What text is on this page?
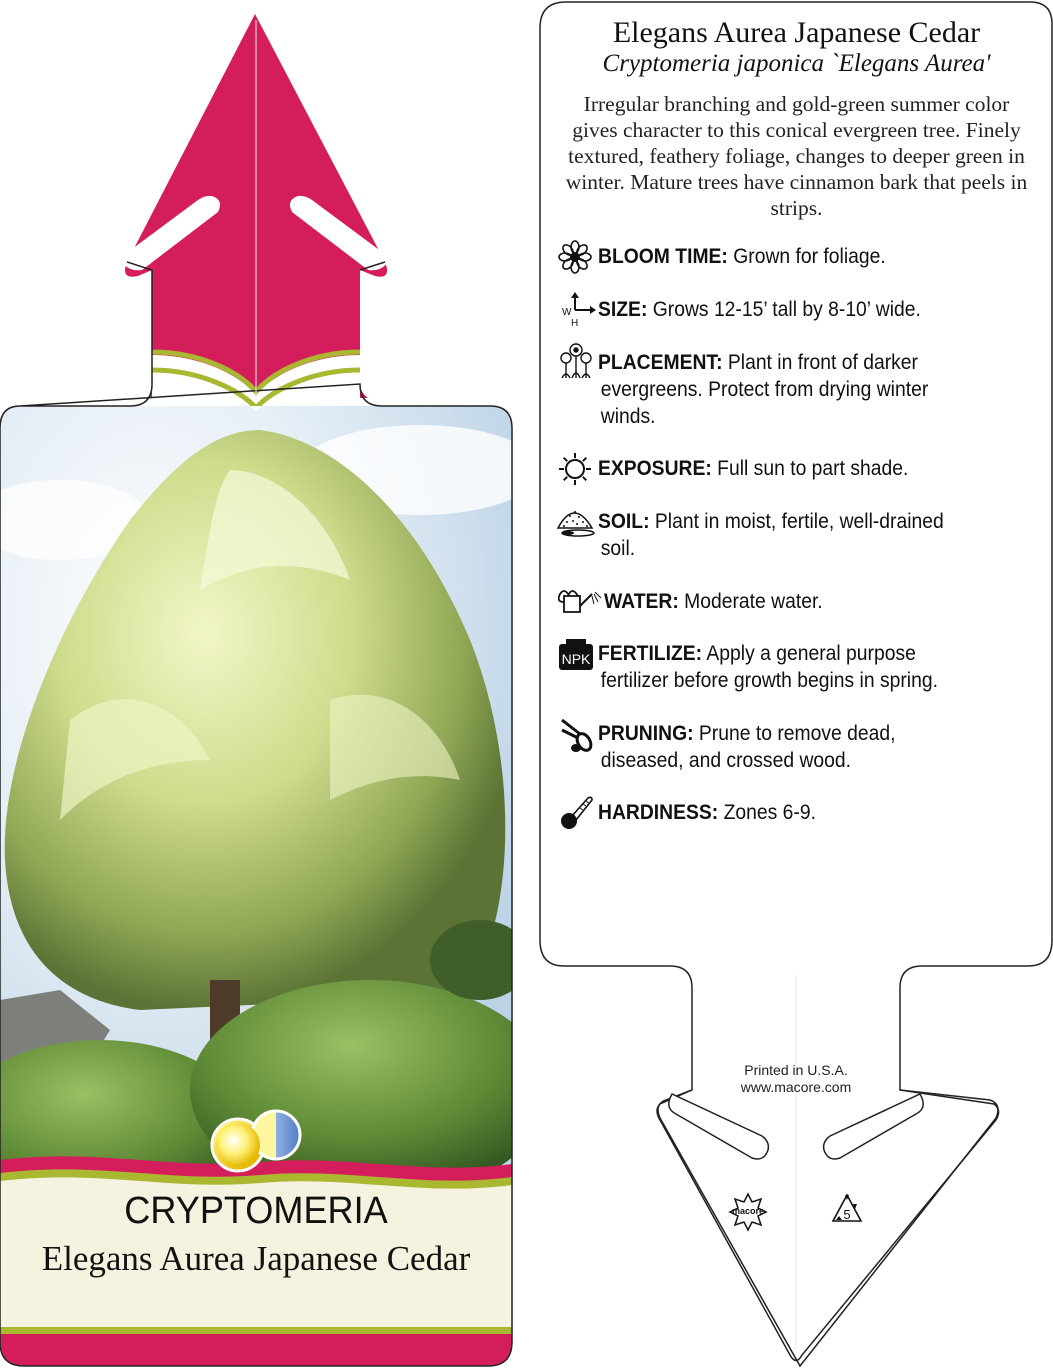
Elegans Aurea Japanese Cedar
Cryptomeria japonica `Elegans Aurea'
Irregular branching and gold-green summer color gives character to this conical evergreen tree. Finely textured, feathery foliage, changes to deeper green in winter. Mature trees have cinnamon bark that peels in strips.
W
H
NPK
BLOOM TIME: Grown for foliage.
SIZE: Grows 12-15’ tall by 8-10’ wide.
PLACEMENT: Plant in front of darker
evergreens. Protect from drying winter
winds.
EXPOSURE: Full sun to part shade.
SOIL: Plant in moist, fertile, well-drained
soil.
WATER: Moderate water.
FERTILIZE: Apply a general purpose
fertilizer before growth begins in spring.
PRUNING: Prune to remove dead,
diseased, and crossed wood.
HARDINESS: Zones 6-9.
Printed in U.S.A.
www.macore.com
macore	5
CRYPTOMERIA
Elegans Aurea Japanese Cedar
